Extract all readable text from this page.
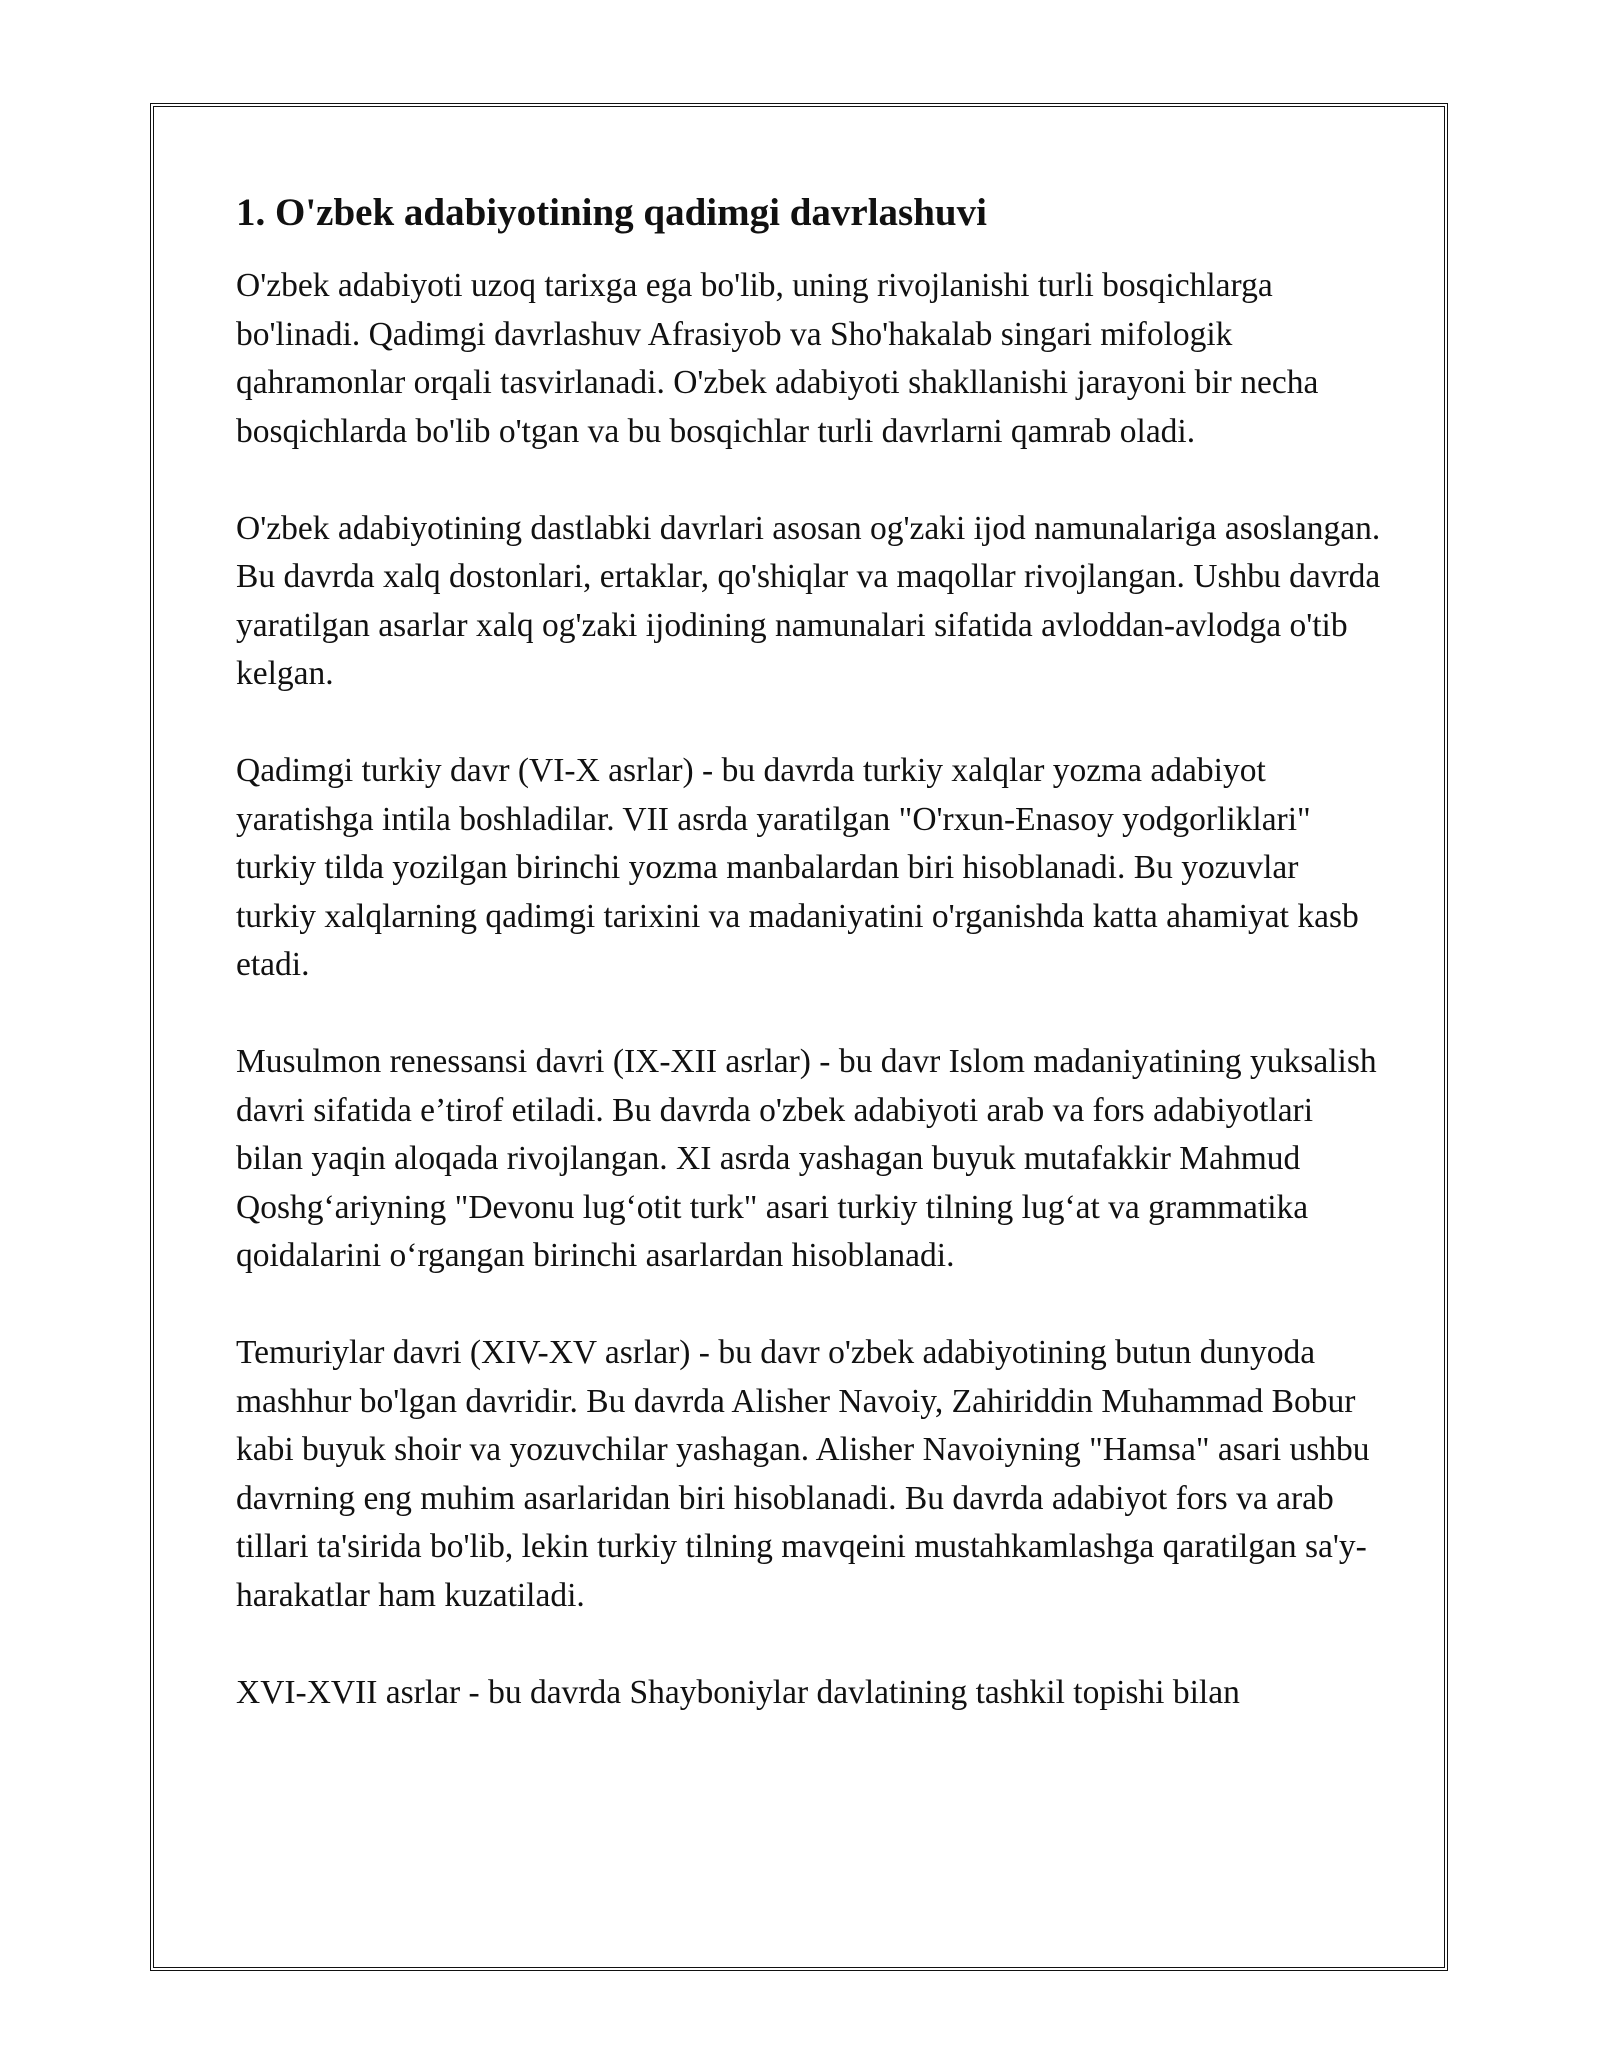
1. O'zbek adabiyotining qadimgi davrlashuvi

O'zbek adabiyoti uzoq tarixga ega bo'lib, uning rivojlanishi turli bosqichlarga bo'linadi. Qadimgi davrlashuv Afrasiyob va Sho'hakalab singari mifologik qahramonlar orqali tasvirlanadi. O'zbek adabiyoti shakllanishi jarayoni bir necha bosqichlarda bo'lib o'tgan va bu bosqichlar turli davrlarni qamrab oladi.

O'zbek adabiyotining dastlabki davrlari asosan og'zaki ijod namunalariga asoslangan. Bu davrda xalq dostonlari, ertaklar, qo'shiqlar va maqollar rivojlangan. Ushbu davrda yaratilgan asarlar xalq og'zaki ijodining namunalari sifatida avloddan-avlodga o'tib kelgan.

Qadimgi turkiy davr (VI-X asrlar) - bu davrda turkiy xalqlar yozma adabiyot yaratishga intila boshladilar. VII asrda yaratilgan "O'rxun-Enasoy yodgorliklari" turkiy tilda yozilgan birinchi yozma manbalardan biri hisoblanadi. Bu yozuvlar turkiy xalqlarning qadimgi tarixini va madaniyatini o'rganishda katta ahamiyat kasb etadi.

Musulmon renessansi davri (IX-XII asrlar) - bu davr Islom madaniyatining yuksalish davri sifatida e’tirof etiladi. Bu davrda o'zbek adabiyoti arab va fors adabiyotlari bilan yaqin aloqada rivojlangan. XI asrda yashagan buyuk mutafakkir Mahmud Qoshg‘ariyning "Devonu lug‘otit turk" asari turkiy tilning lug‘at va grammatika qoidalarini o‘rgangan birinchi asarlardan hisoblanadi.

Temuriylar davri (XIV-XV asrlar) - bu davr o'zbek adabiyotining butun dunyoda mashhur bo'lgan davridir. Bu davrda Alisher Navoiy, Zahiriddin Muhammad Bobur kabi buyuk shoir va yozuvchilar yashagan. Alisher Navoiyning "Hamsa" asari ushbu davrning eng muhim asarlaridan biri hisoblanadi. Bu davrda adabiyot fors va arab tillari ta'sirida bo'lib, lekin turkiy tilning mavqeini mustahkamlashga qaratilgan sa'y-harakatlar ham kuzatiladi.

XVI-XVII asrlar - bu davrda Shayboniylar davlatining tashkil topishi bilan
